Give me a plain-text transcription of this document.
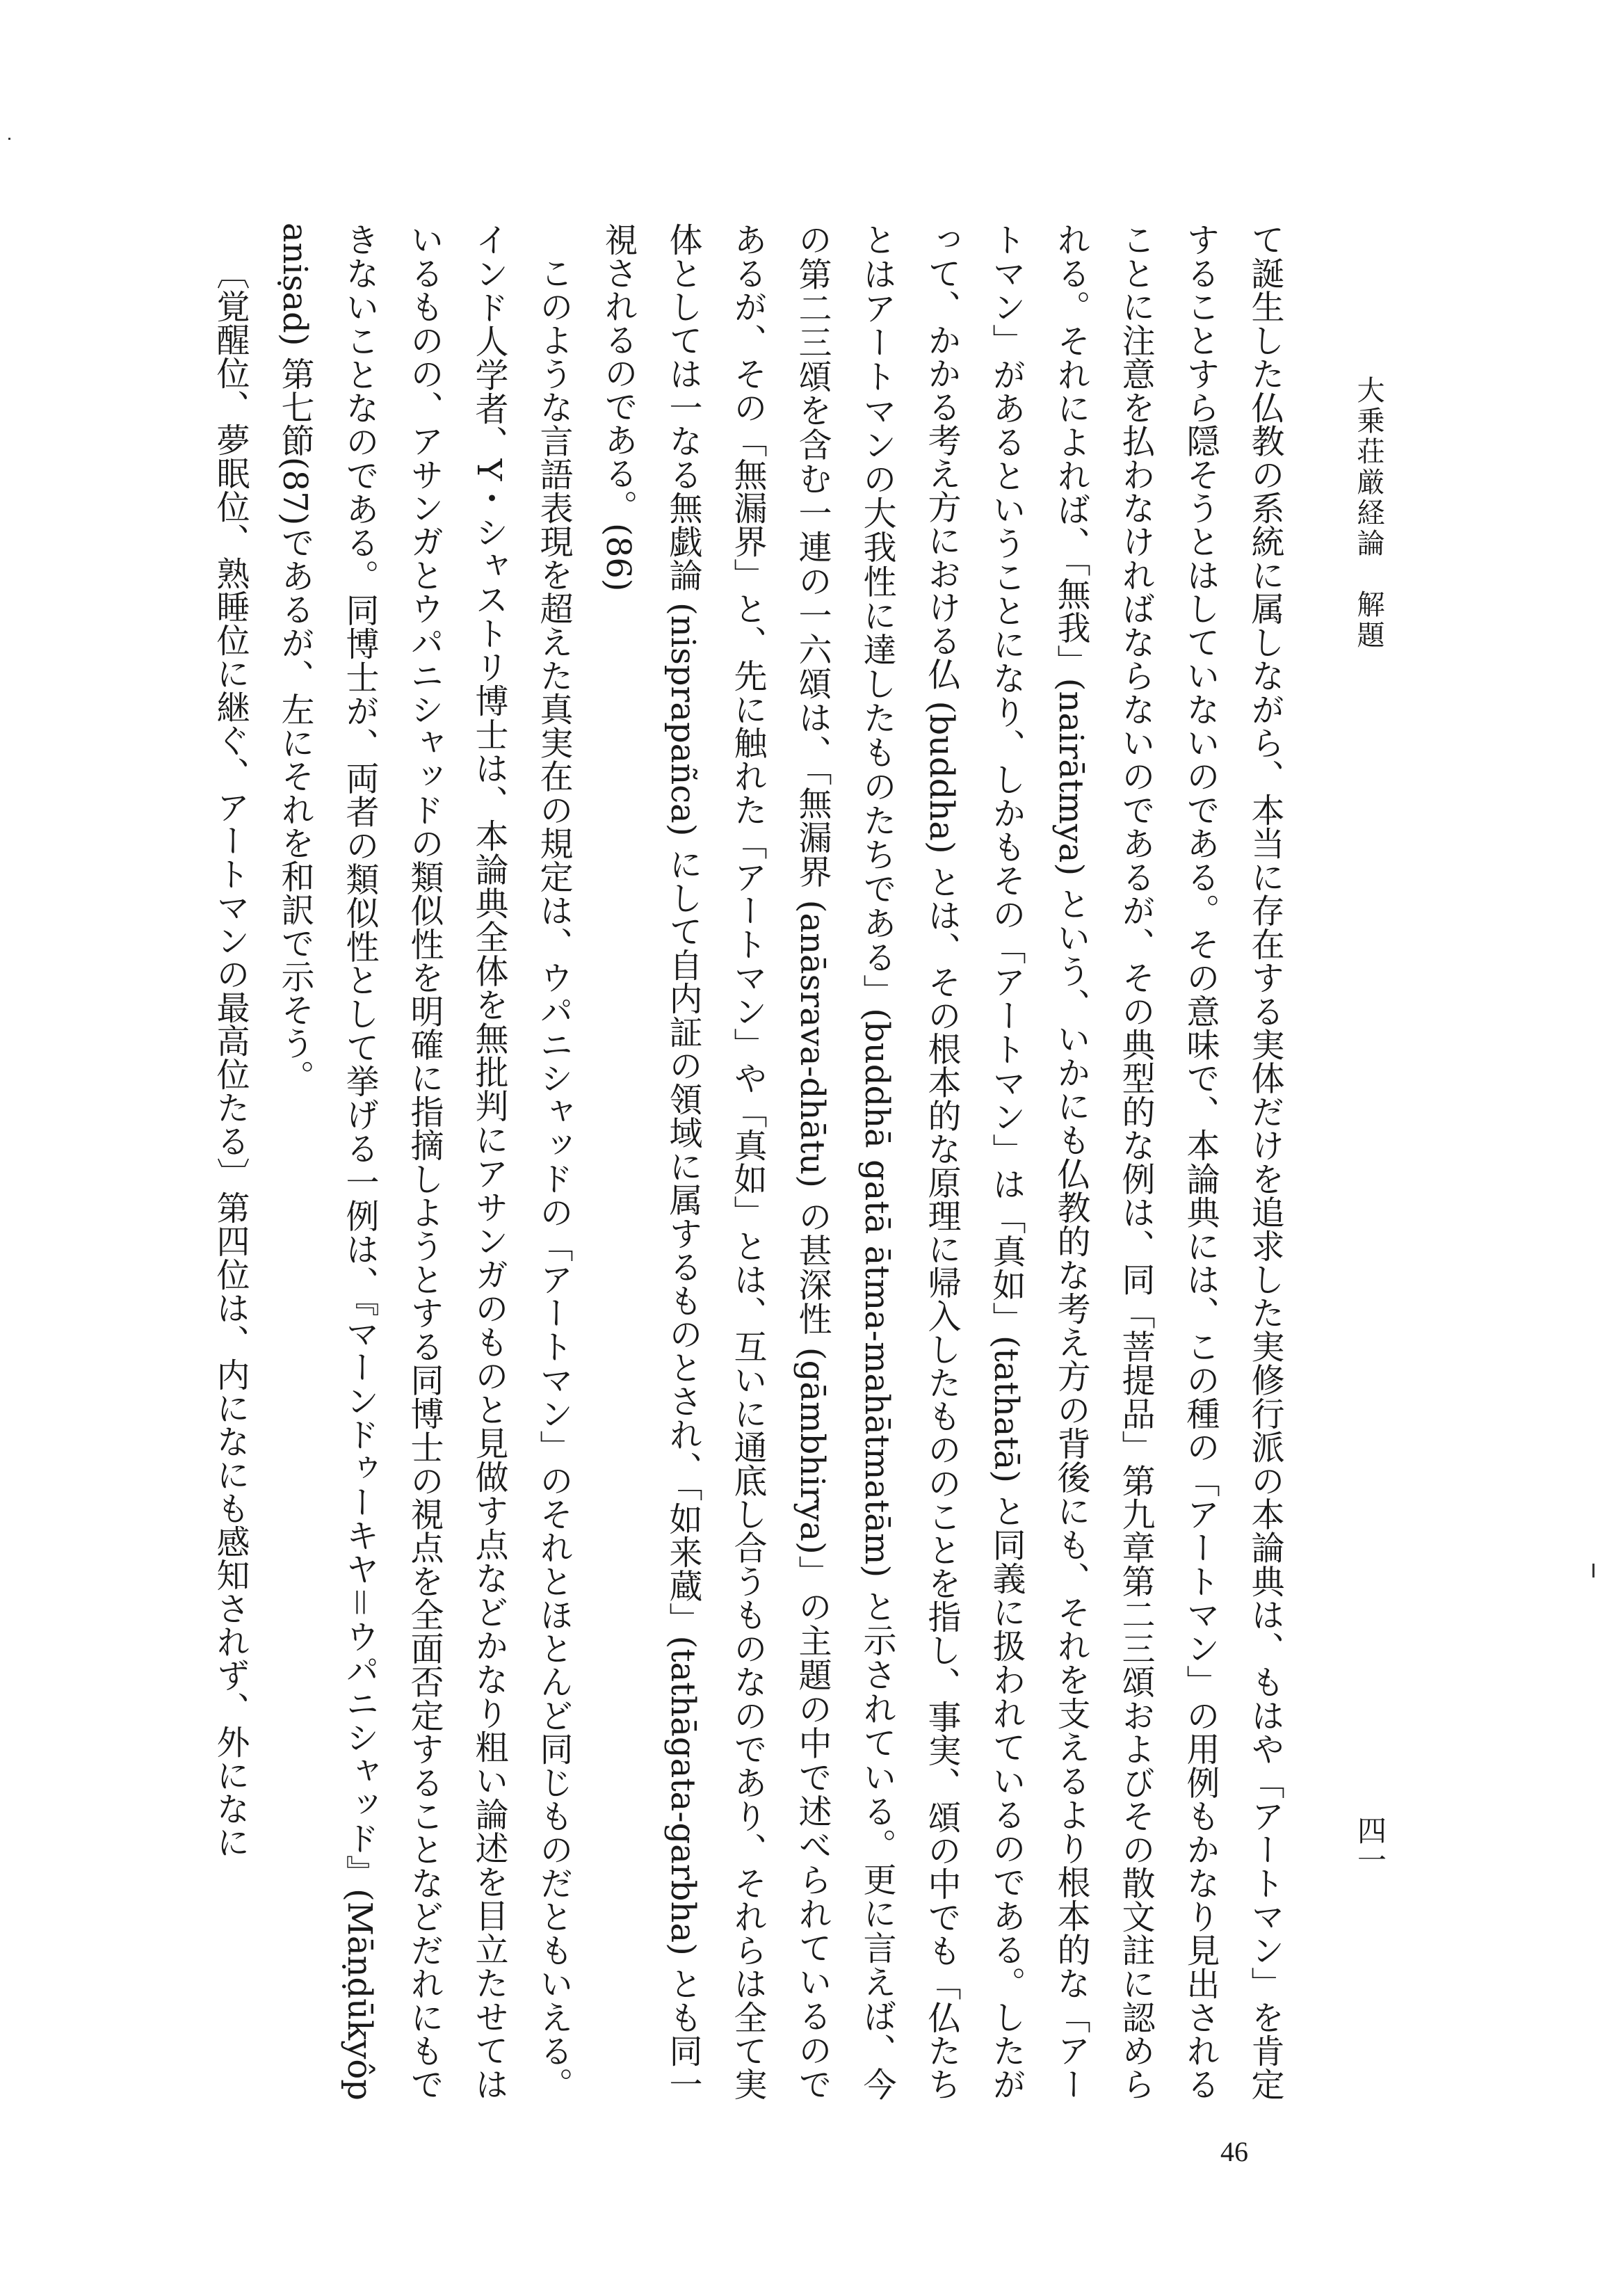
大乗荘厳経論　解題
四一

て誕生した仏教の系統に属しながら、本当に存在する実体だけを追求した実修行派の本論典は、もはや「アートマン」を肯定することすら隠そうとはしていないのである。その意味で、本論典には、この種の「アートマン」の用例もかなり見出されることに注意を払わなければならないのであるが、その典型的な例は、同「菩提品」第九章第二三頌およびその散文註に認められる。それによれば、「無我」(nairātmya) という、いかにも仏教的な考え方の背後にも、それを支えるより根本的な「アートマン」があるということになり、しかもその「アートマン」は「真如」(tathatā) と同義に扱われているのである。したがって、かかる考え方における仏 (buddha) とは、その根本的な原理に帰入したもののことを指し、事実、頌の中でも「仏たちとはアートマンの大我性に達したものたちである」(buddhā gatā ātma-mahātmatām) と示されている。更に言えば、今の第二三頌を含む一連の一六頌は、「無漏界 (anāsrava-dhātu) の甚深性 (gāmbhirya)」の主題の中で述べられているのであるが、その「無漏界」と、先に触れた「アートマン」や「真如」とは、互いに通底し合うものなのであり、それらは全て実体としては一なる無戯論 (nisprapañca) にして自内証の領域に属するものとされ、「如来蔵」(tathāgata-garbha) とも同一視されるのである。(86)

このような言語表現を超えた真実在の規定は、ウパニシャッドの「アートマン」のそれとほとんど同じものだともいえる。インド人学者、Y・シャストリ博士は、本論典全体を無批判にアサンガのものと見做す点などかなり粗い論述を目立たせてはいるものの、アサンガとウパニシャッドの類似性を明確に指摘しようとする同博士の視点を全面否定することなどだれにもできないことなのである。同博士が、両者の類似性として挙げる一例は、『マーンドゥーキヤ＝ウパニシャッド』(Māṇḍūkyôpaniṣad) 第七節(87)であるが、左にそれを和訳で示そう。

〔覚醒位、夢眠位、熟睡位に継ぐ、アートマンの最高位たる〕第四位は、内になにも感知されず、外になに

46
